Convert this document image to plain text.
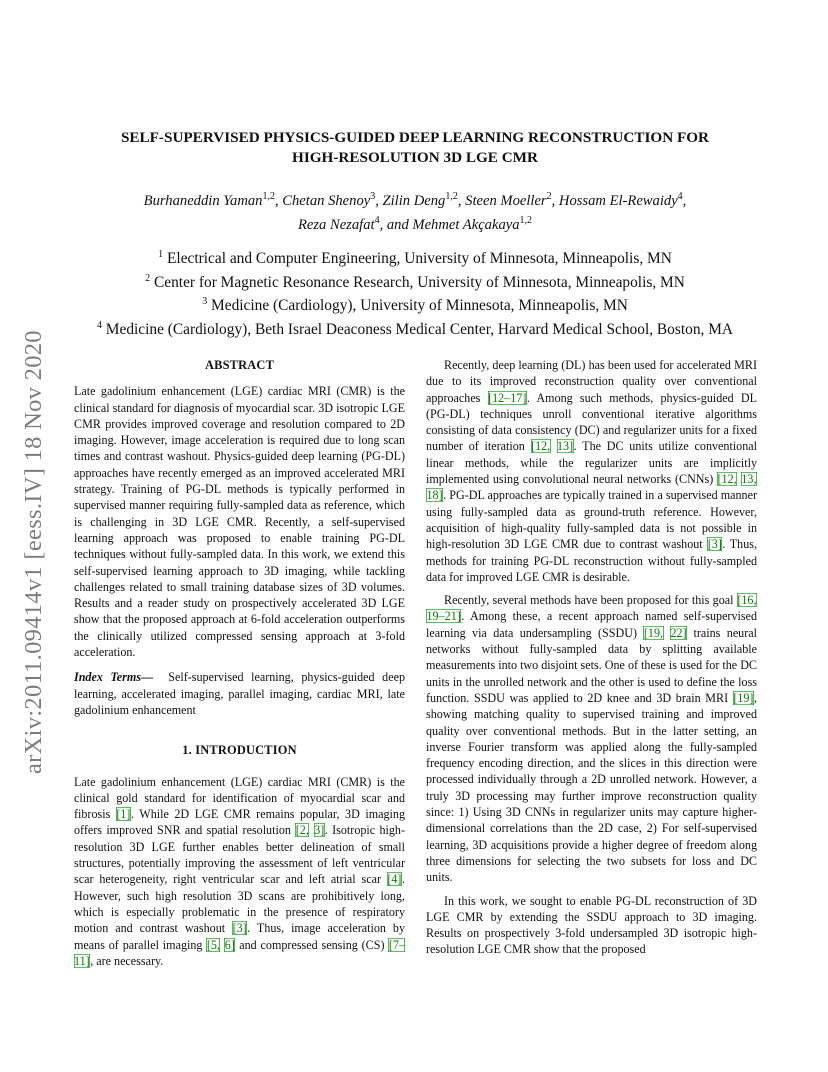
arXiv:2011.09414v1 [eess.IV] 18 Nov 2020
SELF-SUPERVISED PHYSICS-GUIDED DEEP LEARNING RECONSTRUCTION FOR
HIGH-RESOLUTION 3D LGE CMR
Burhaneddin Yaman$^{1,2}$, Chetan Shenoy$^3$, Zilin Deng$^{1,2}$, Steen Moeller$^2$, Hossam El-Rewaidy$^4$,
Reza Nezafat$^4$, and Mehmet Akçakaya$^{1,2}$
$^1$ Electrical and Computer Engineering, University of Minnesota, Minneapolis, MN
$^2$ Center for Magnetic Resonance Research, University of Minnesota, Minneapolis, MN
$^3$ Medicine (Cardiology), University of Minnesota, Minneapolis, MN
$^4$ Medicine (Cardiology), Beth Israel Deaconess Medical Center, Harvard Medical School, Boston, MA
ABSTRACT

Late gadolinium enhancement (LGE) cardiac MRI (CMR) is the clinical standard for diagnosis of myocardial scar. 3D isotropic LGE CMR provides improved coverage and resolution compared to 2D imaging. However, image acceleration is required due to long scan times and contrast washout. Physics-guided deep learning (PG-DL) approaches have recently emerged as an improved accelerated MRI strategy. Training of PG-DL methods is typically performed in supervised manner requiring fully-sampled data as reference, which is challenging in 3D LGE CMR. Recently, a self-supervised learning approach was proposed to enable training PG-DL techniques without fully-sampled data. In this work, we extend this self-supervised learning approach to 3D imaging, while tackling challenges related to small training database sizes of 3D volumes. Results and a reader study on prospectively accelerated 3D LGE show that the proposed approach at 6-fold acceleration outperforms the clinically utilized compressed sensing approach at 3-fold acceleration.

Index Terms— Self-supervised learning, physics-guided deep learning, accelerated imaging, parallel imaging, cardiac MRI, late gadolinium enhancement

1. INTRODUCTION

Late gadolinium enhancement (LGE) cardiac MRI (CMR) is the clinical gold standard for identification of myocardial scar and fibrosis [1]. While 2D LGE CMR remains popular, 3D imaging offers improved SNR and spatial resolution [2, 3]. Isotropic high-resolution 3D LGE further enables better delineation of small structures, potentially improving the assessment of left ventricular scar heterogeneity, right ventricular scar and left atrial scar [4]. However, such high resolution 3D scans are prohibitively long, which is especially problematic in the presence of respiratory motion and contrast washout [3]. Thus, image acceleration by means of parallel imaging [5, 6] and compressed sensing (CS) [7–11], are necessary.

Recently, deep learning (DL) has been used for accelerated MRI due to its improved reconstruction quality over conventional approaches [12–17]. Among such methods, physics-guided DL (PG-DL) techniques unroll conventional iterative algorithms consisting of data consistency (DC) and regularizer units for a fixed number of iteration [12, 13]. The DC units utilize conventional linear methods, while the regularizer units are implicitly implemented using convolutional neural networks (CNNs) [12, 13, 18]. PG-DL approaches are typically trained in a supervised manner using fully-sampled data as ground-truth reference. However, acquisition of high-quality fully-sampled data is not possible in high-resolution 3D LGE CMR due to contrast washout [3]. Thus, methods for training PG-DL reconstruction without fully-sampled data for improved LGE CMR is desirable.

Recently, several methods have been proposed for this goal [16, 19–21]. Among these, a recent approach named self-supervised learning via data undersampling (SSDU) [19, 22] trains neural networks without fully-sampled data by splitting available measurements into two disjoint sets. One of these is used for the DC units in the unrolled network and the other is used to define the loss function. SSDU was applied to 2D knee and 3D brain MRI [19], showing matching quality to supervised training and improved quality over conventional methods. But in the latter setting, an inverse Fourier transform was applied along the fully-sampled frequency encoding direction, and the slices in this direction were processed individually through a 2D unrolled network. However, a truly 3D processing may further improve reconstruction quality since: 1) Using 3D CNNs in regularizer units may capture higher-dimensional correlations than the 2D case, 2) For self-supervised learning, 3D acquisitions provide a higher degree of freedom along three dimensions for selecting the two subsets for loss and DC units.

In this work, we sought to enable PG-DL reconstruction of 3D LGE CMR by extending the SSDU approach to 3D imaging. Results on prospectively 3-fold undersampled 3D isotropic high-resolution LGE CMR show that the proposed
